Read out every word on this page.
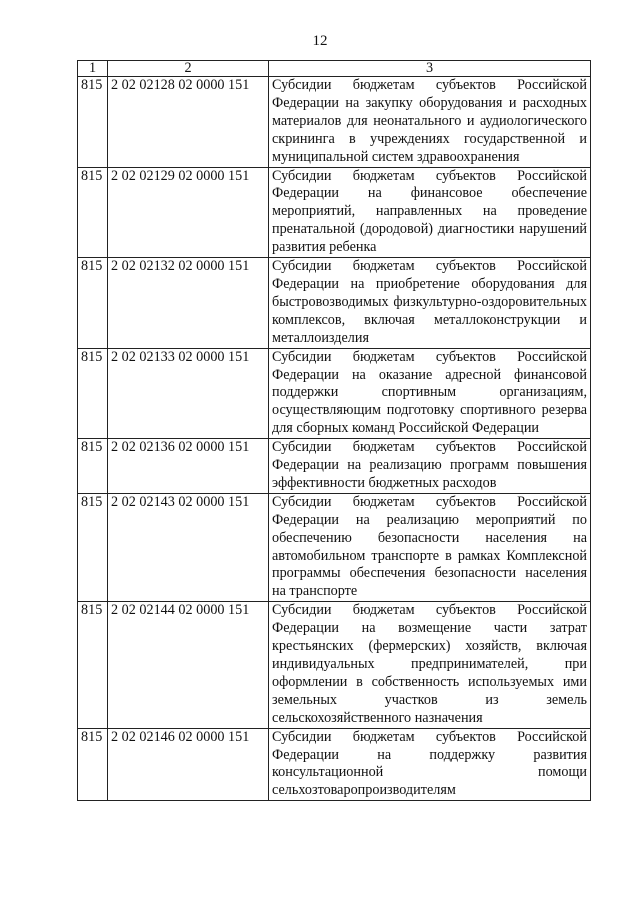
12
1	2	3
815	2 02 02128 02 0000 151	Субсидии бюджетам субъектов Российской Федерации на закупку оборудования и расходных материалов для неонатального и аудиологического скрининга в учреждениях государственной и муниципальной систем здравоохранения
815	2 02 02129 02 0000 151	Субсидии бюджетам субъектов Российской Федерации на финансовое обеспечение мероприятий, направленных на проведение пренатальной (дородовой) диагностики нарушений развития ребенка
815	2 02 02132 02 0000 151	Субсидии бюджетам субъектов Российской Федерации на приобретение оборудования для быстровозводимых физкультурно-оздоровительных комплексов, включая металлоконструкции и металлоизделия
815	2 02 02133 02 0000 151	Субсидии бюджетам субъектов Российской Федерации на оказание адресной финансовой поддержки спортивным организациям, осуществляющим подготовку спортивного резерва для сборных команд Российской Федерации
815	2 02 02136 02 0000 151	Субсидии бюджетам субъектов Российской Федерации на реализацию программ повышения эффективности бюджетных расходов
815	2 02 02143 02 0000 151	Субсидии бюджетам субъектов Российской Федерации на реализацию мероприятий по обеспечению безопасности населения на автомобильном транспорте в рамках Комплексной программы обеспечения безопасности населения на транспорте
815	2 02 02144 02 0000 151	Субсидии бюджетам субъектов Российской Федерации на возмещение части затрат крестьянских (фермерских) хозяйств, включая индивидуальных предпринимателей, при оформлении в собственность используемых ими земельных участков из земель сельскохозяйственного назначения
815	2 02 02146 02 0000 151	Субсидии бюджетам субъектов Российской Федерации на поддержку развития консультационной помощи сельхозтоваропроизводителям
